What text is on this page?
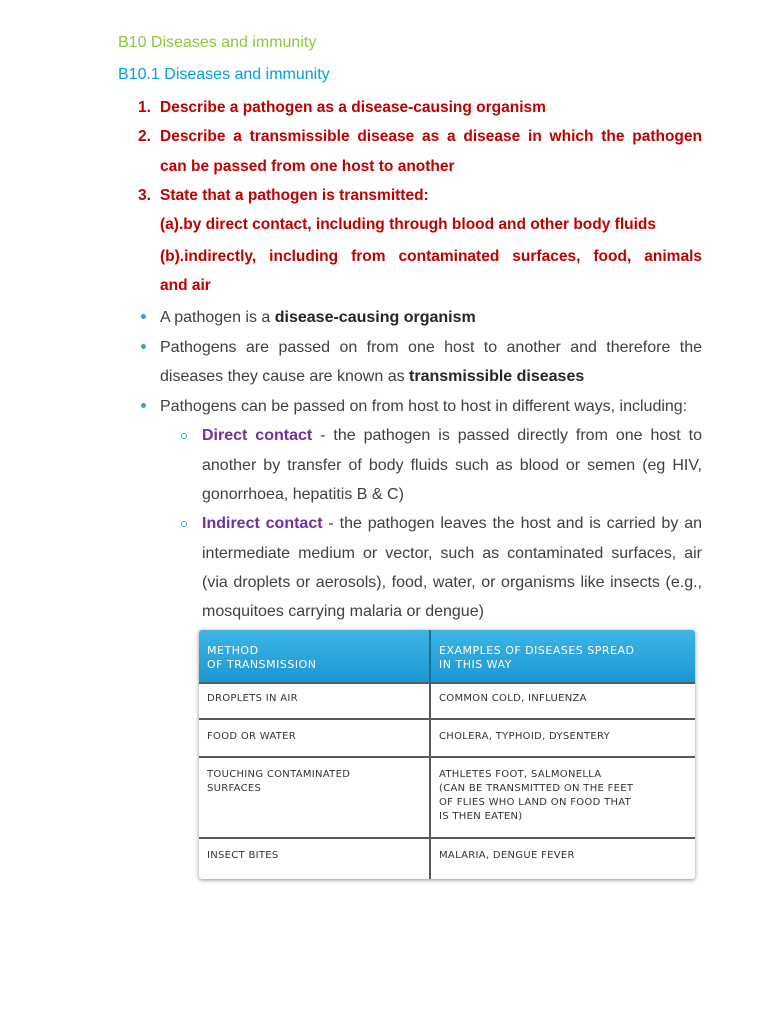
B10 Diseases and immunity
B10.1 Diseases and immunity
1. Describe a pathogen as a disease-causing organism
2. Describe a transmissible disease as a disease in which the pathogen
can be passed from one host to another
3. State that a pathogen is transmitted:
(a).by direct contact, including through blood and other body fluids
(b).indirectly, including from contaminated surfaces, food, animals
and air
A pathogen is a disease-causing organism
Pathogens are passed on from one host to another and therefore the
diseases they cause are known as transmissible diseases
Pathogens can be passed on from host to host in different ways, including:
Direct contact - the pathogen is passed directly from one host to
another by transfer of body fluids such as blood or semen (eg HIV,
gonorrhoea, hepatitis B & C)
Indirect contact - the pathogen leaves the host and is carried by an
intermediate medium or vector, such as contaminated surfaces, air
(via droplets or aerosols), food, water, or organisms like insects (e.g.,
mosquitoes carrying malaria or dengue)
METHOD
OF TRANSMISSION	EXAMPLES OF DISEASES SPREAD
IN THIS WAY
DROPLETS IN AIR	COMMON COLD, INFLUENZA
FOOD OR WATER	CHOLERA, TYPHOID, DYSENTERY
TOUCHING CONTAMINATED
SURFACES	ATHLETES FOOT, SALMONELLA
(CAN BE TRANSMITTED ON THE FEET
OF FLIES WHO LAND ON FOOD THAT
IS THEN EATEN)
INSECT BITES	MALARIA, DENGUE FEVER
